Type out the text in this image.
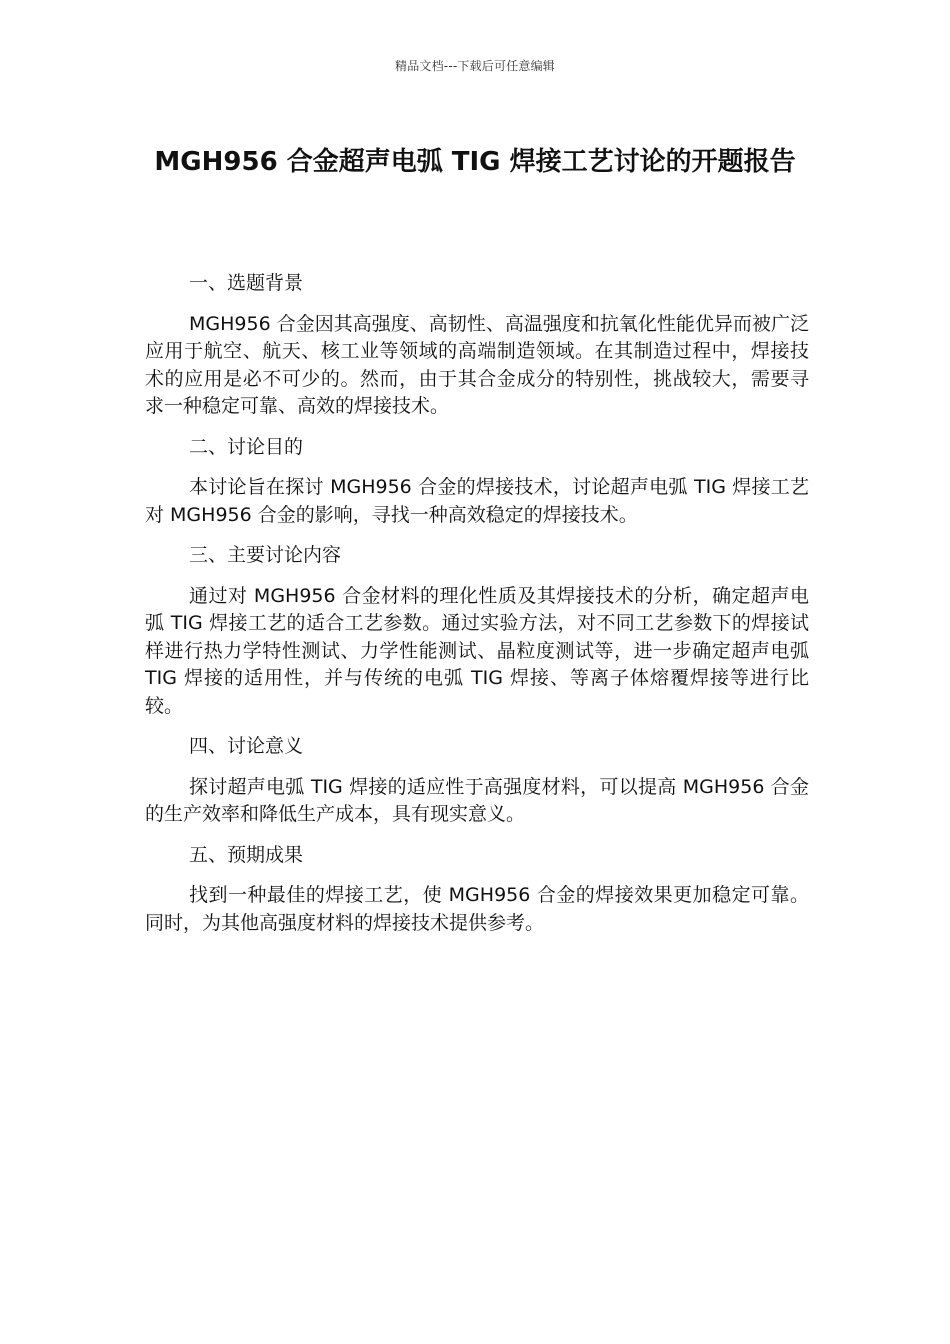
精品文档---下载后可任意编辑
MGH956 合金超声电弧 TIG 焊接工艺讨论的开题报告

一、选题背景

MGH956 合金因其高强度、高韧性、高温强度和抗氧化性能优异而被广泛应用于航空、航天、核工业等领域的高端制造领域。在其制造过程中，焊接技术的应用是必不可少的。然而，由于其合金成分的特别性，挑战较大，需要寻求一种稳定可靠、高效的焊接技术。

二、讨论目的

本讨论旨在探讨 MGH956 合金的焊接技术，讨论超声电弧 TIG 焊接工艺对 MGH956 合金的影响，寻找一种高效稳定的焊接技术。

三、主要讨论内容

通过对 MGH956 合金材料的理化性质及其焊接技术的分析，确定超声电弧 TIG 焊接工艺的适合工艺参数。通过实验方法，对不同工艺参数下的焊接试样进行热力学特性测试、力学性能测试、晶粒度测试等，进一步确定超声电弧 TIG 焊接的适用性，并与传统的电弧 TIG 焊接、等离子体熔覆焊接等进行比较。

四、讨论意义

探讨超声电弧 TIG 焊接的适应性于高强度材料，可以提高 MGH956 合金的生产效率和降低生产成本，具有现实意义。

五、预期成果

找到一种最佳的焊接工艺，使 MGH956 合金的焊接效果更加稳定可靠。同时，为其他高强度材料的焊接技术提供参考。
